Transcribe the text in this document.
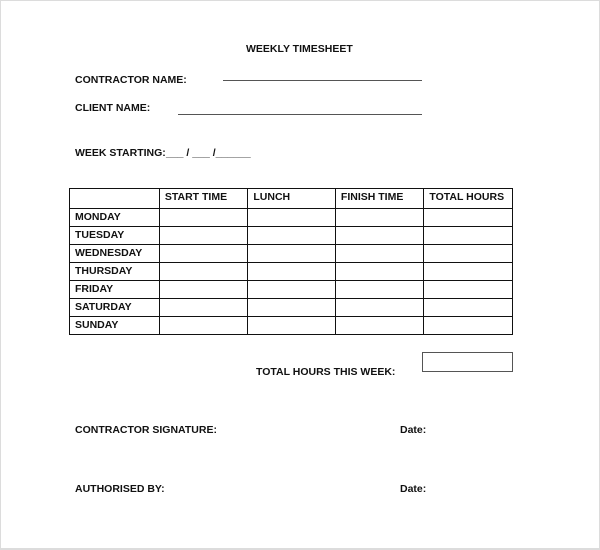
WEEKLY TIMESHEET
CONTRACTOR NAME:
CLIENT NAME:
WEEK STARTING: ___ / ___ /______
	START TIME	LUNCH	FINISH TIME	TOTAL HOURS
MONDAY				
TUESDAY				
WEDNESDAY				
THURSDAY				
FRIDAY				
SATURDAY				
SUNDAY				
TOTAL HOURS THIS WEEK:
CONTRACTOR SIGNATURE:	Date:
AUTHORISED BY:	Date:
